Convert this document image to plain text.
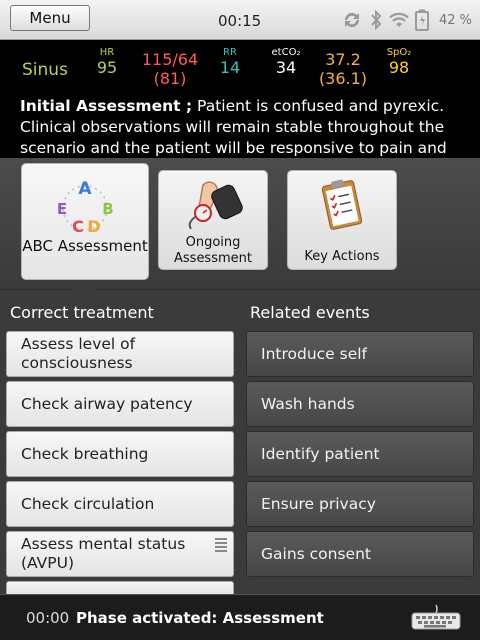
Menu	00:15	42 %
Sinus
HR
95	115/64
(81)
RR
14
etCO₂
34	37.2
(36.1)
SpO₂
98
Initial Assessment ; Patient is confused and pyrexic. Clinical observations will remain stable throughout the scenario and the patient will be responsive to pain and
A
B
C D
E
ABC Assessment	Ongoing Assessment	Key Actions
Correct treatment	Related events
Assess level of consciousness
Check airway patency
Check breathing
Check circulation
Assess mental status (AVPU)
Introduce self
Wash hands
Identify patient
Ensure privacy
Gains consent
00:00 Phase activated: Assessment
